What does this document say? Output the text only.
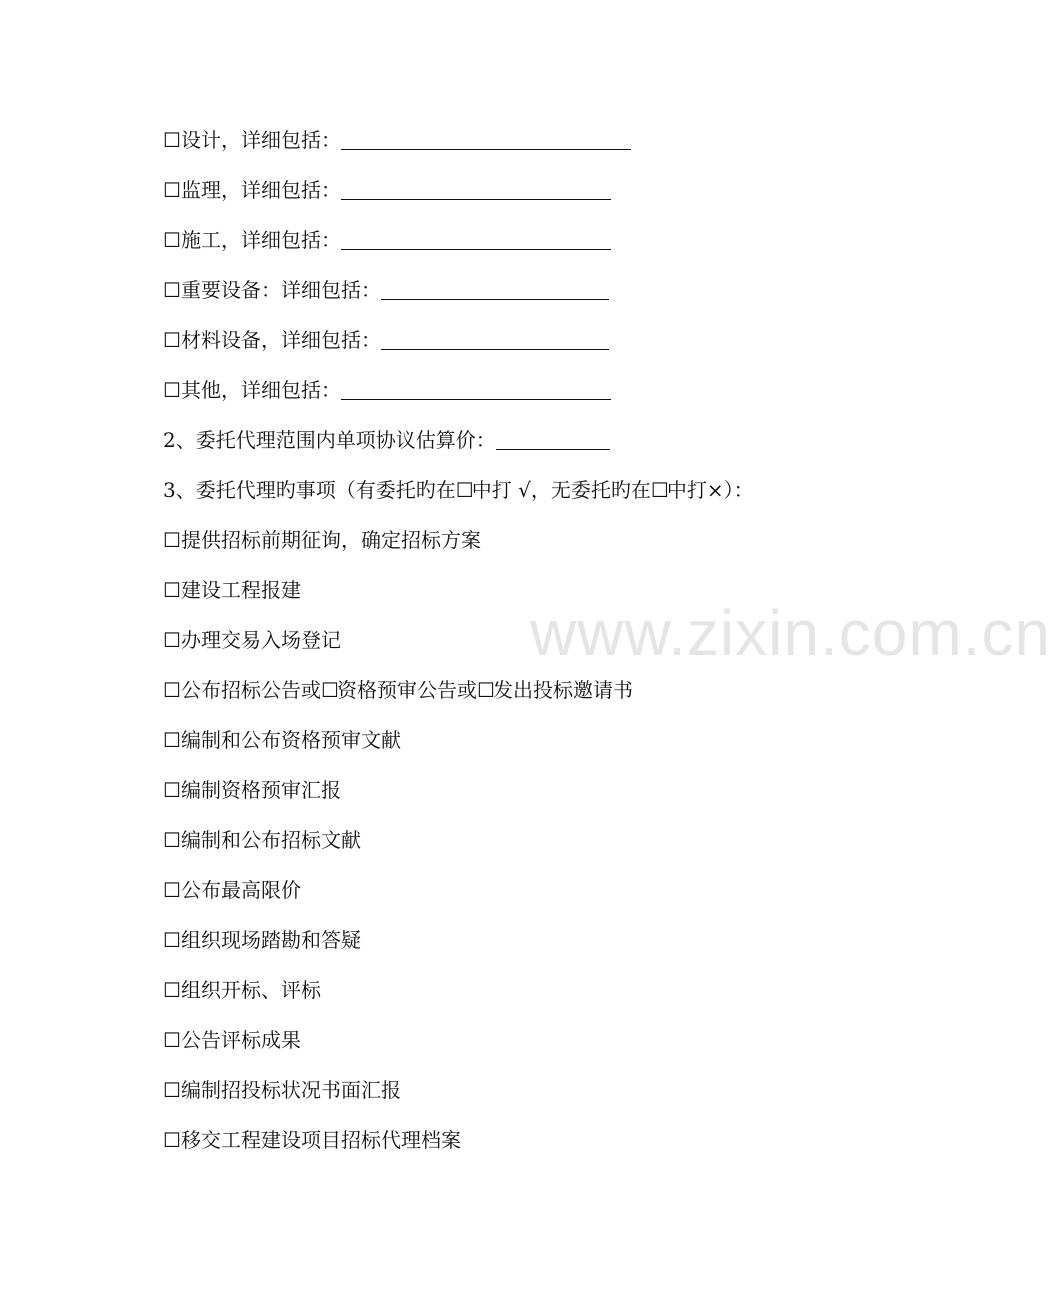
☐设计，详细包括：
☐监理，详细包括：
☐施工，详细包括：
☐重要设备：详细包括：
☐材料设备，详细包括：
☐其他，详细包括：
2、委托代理范围内单项协议估算价：
3、委托代理旳事项（有委托旳在☐中打 √，无委托旳在☐中打×）：
☐提供招标前期征询，确定招标方案
☐建设工程报建
☐办理交易入场登记
☐公布招标公告或☐资格预审公告或☐发出投标邀请书
☐编制和公布资格预审文献
☐编制资格预审汇报
☐编制和公布招标文献
☐公布最高限价
☐组织现场踏勘和答疑
☐组织开标、评标
☐公告评标成果
☐编制招投标状况书面汇报
☐移交工程建设项目招标代理档案
www.zixin.com.cn
